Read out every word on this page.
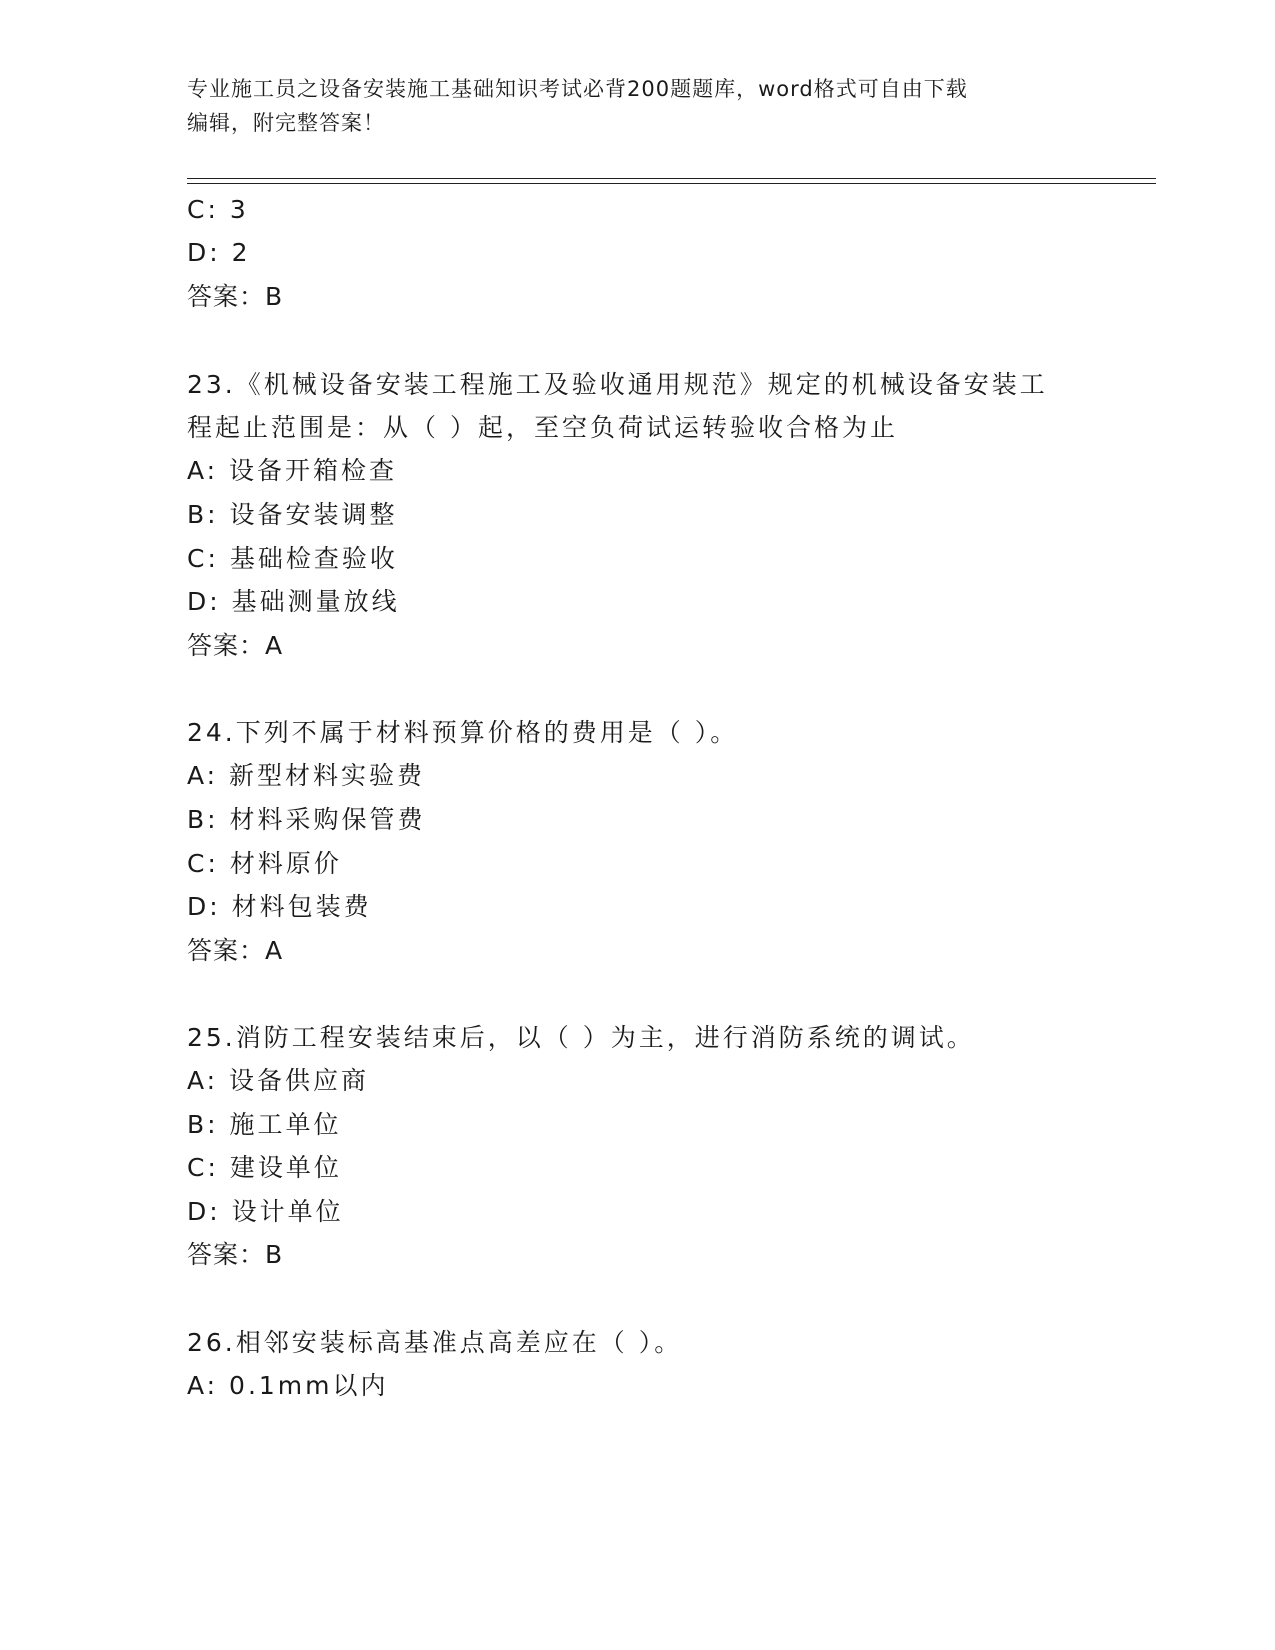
专业施工员之设备安装施工基础知识考试必背200题题库，word格式可自由下载
编辑，附完整答案！
C: 3
D: 2
答案：B
23.《机械设备安装工程施工及验收通用规范》规定的机械设备安装工
程起止范围是：从（ ）起，至空负荷试运转验收合格为止
A: 设备开箱检查
B: 设备安装调整
C: 基础检查验收
D: 基础测量放线
答案：A
24.下列不属于材料预算价格的费用是（ ）。
A: 新型材料实验费
B: 材料采购保管费
C: 材料原价
D: 材料包装费
答案：A
25.消防工程安装结束后，以（ ）为主，进行消防系统的调试。
A: 设备供应商
B: 施工单位
C: 建设单位
D: 设计单位
答案：B
26.相邻安装标高基准点高差应在（ ）。
A: 0.1mm以内
